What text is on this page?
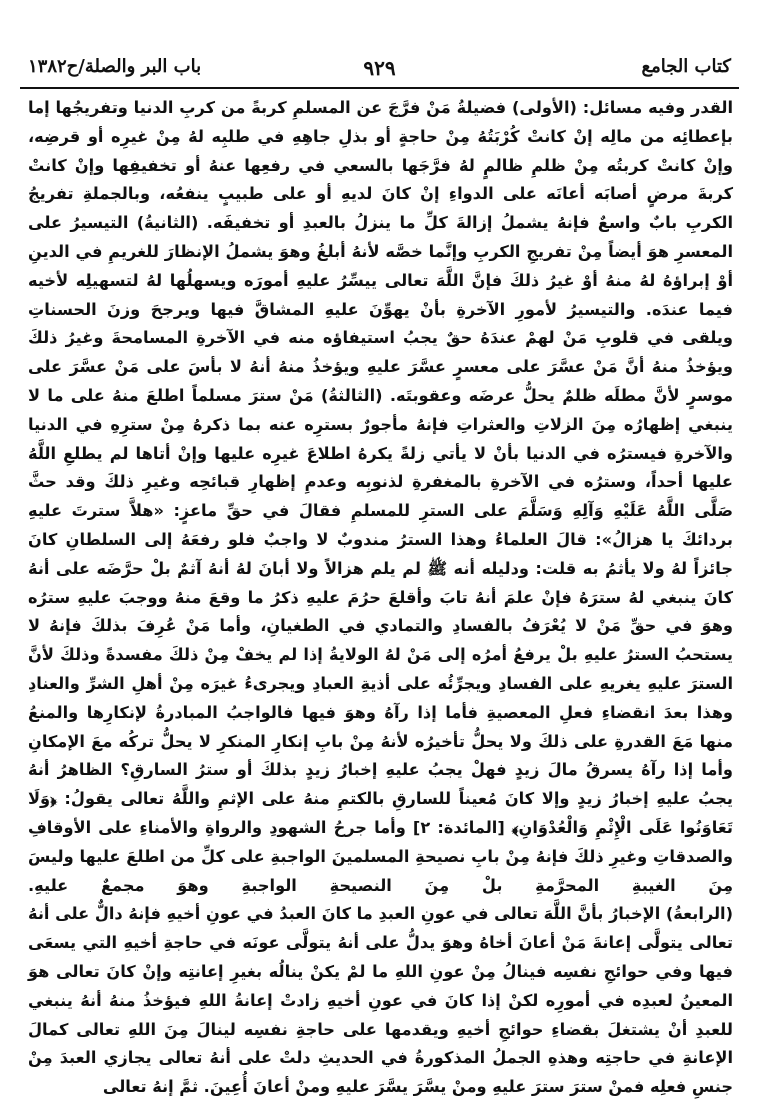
كتاب الجامع
٩٢٩
باب البر والصلة/ح١٣٨٢

القدر وفيه مسائل: (الأولى) فضيلةُ مَنْ فرَّجَ عن المسلمِ كربةً من كربِ الدنيا وتفريجُها إما بإعطائِه من مالِه إنْ كانتْ كُرْبَتُهُ مِنْ حاجةٍ أو بذلِ جاهِهِ في طلبِه لهُ مِنْ غيرِه أو قرضِه، وإنْ كانتْ كربتُه مِنْ ظلمِ ظالمٍ لهُ فرَّجَها بالسعي في رفعِها عنهُ أو تخفيفِها وإنْ كانتْ كربةَ مرضٍ أصابَه أعانَه على الدواءِ إنْ كانَ لديهِ أو على طبيبٍ ينفعُه، وبالجملةِ تفريجُ الكربِ بابٌ واسعٌ فإنهُ يشملُ إزالةَ كلِّ ما ينزلُ بالعبدِ أو تخفيفَه. (الثانيةُ) التيسيرُ على المعسرِ هوَ أيضاً مِنْ تفريجِ الكربِ وإنَّما خصَّه لأنهُ أبلغُ وهوَ يشملُ الإنظارَ للغريمِ في الدينِ أوْ إبراؤهُ لهُ منهُ أوْ غيرُ ذلكَ فإنَّ اللَّهَ تعالى ييسِّرُ عليهِ أمورَه ويسهلُها لهُ لتسهيلِه لأخيه فيما عندَه. والتيسيرُ لأمورِ الآخرةِ بأنْ يهوِّنَ عليهِ المشاقَّ فيها ويرجحَ وزنَ الحسناتِ ويلقى في قلوبِ مَنْ لهمْ عندَهُ حقٌ يجبُ استيفاؤه منه في الآخرةِ المسامحةَ وغيرُ ذلكَ ويؤخذُ منهُ أنَّ مَنْ عسَّرَ على معسرٍ عسَّرَ عليهِ ويؤخذُ منهُ أنهُ لا بأسَ على مَنْ عسَّرَ على موسرٍ لأنَّ مطلَه ظلمٌ يحلُّ عرضَه وعقوبتَه. (الثالثةُ) مَنْ سترَ مسلماً اطلعَ منهُ على ما لا ينبغي إظهارُه مِنَ الزلاتِ والعثراتِ فإنهُ مأجورٌ بسترِه عنه بما ذكرهُ مِنْ سترِهِ في الدنيا والآخرةِ فيسترُه في الدنيا بأنْ لا يأتي زلةً يكرهُ اطلاعَ غيرِه عليها وإنْ أتاها لم يطلعِ اللَّهُ عليها أحداً، وسترُه في الآخرةِ بالمغفرةِ لذنوبِه وعدمِ إظهارِ قبائحِه وغيرِ ذلكَ وقد حثَّ صَلَّى اللَّهُ عَلَيْهِ وَآلِهِ وَسَلَّمَ على السترِ للمسلمِ فقالَ في حقِّ ماعزٍ: «هلاَّ سترتَ عليهِ بردائكَ يا هزالُ»: قالَ العلماءُ وهذا السترُ مندوبٌ لا واجبٌ فلو رفعَهُ إلى السلطانِ كانَ جائزاً لهُ ولا يأثمُ به قلت: ودليله أنه ﷺ لم يلم هزالاً ولا أبانَ لهُ أنهُ آثمٌ بلْ حرَّضَه على أنهُ كانَ ينبغي لهُ سترَهُ فإنْ علمَ أنهُ تابَ وأقلعَ حرُمَ عليهِ ذكرُ ما وقعَ منهُ ووجبَ عليهِ سترُه وهوَ في حقِّ مَنْ لا يُعْرَفُ بالفسادِ والتمادي في الطغيانِ، وأما مَنْ عُرِفَ بذلكَ فإنهُ لا يستحبُ السترُ عليهِ بلْ يرفعُ أمرُه إلى مَنْ لهُ الولايةُ إذا لم يخفْ مِنْ ذلكَ مفسدةً وذلكَ لأنَّ السترَ عليهِ يغريهِ على الفسادِ ويجرِّئُه على أذيةِ العبادِ ويجرىءُ غيرَه مِنْ أهلِ الشرِّ والعنادِ وهذا بعدَ انقضاءِ فعلِ المعصيةِ فأما إذا رآهُ وهوَ فيها فالواجبُ المبادرةُ لإنكارِها والمنعُ منها مَعَ القدرةِ على ذلكَ ولا يحلُّ تأخيرُه لأنهُ مِنْ بابِ إنكارِ المنكرِ لا يحلُّ تركُه معَ الإمكانِ وأما إذا رآهُ يسرقُ مالَ زيدٍ فهلْ يجبُ عليهِ إخبارُ زيدٍ بذلكَ أو سترُ السارقِ؟ الظاهرُ أنهُ يجبُ عليهِ إخبارُ زيدٍ وإلا كانَ مُعيناً للسارقِ بالكتمِ منهُ على الإثمِ واللَّهُ تعالى يقولُ: ﴿وَلَا تَعَاوَنُوا عَلَى الْإِثْمِ وَالْعُدْوَانِ﴾ [المائدة: ٢] وأما جرحُ الشهودِ والرواةِ والأمناءِ على الأوقافِ والصدقاتِ وغيرِ ذلكَ فإنهُ مِنْ بابِ نصيحةِ المسلمينَ الواجبةِ على كلِّ من اطلعَ عليها وليسَ مِنَ الغيبةِ المحرَّمةِ بلْ مِنَ النصيحةِ الواجبةِ وهوَ مجمعٌ عليهِ.

(الرابعةُ) الإخبارُ بأنَّ اللَّهَ تعالى في عونِ العبدِ ما كانَ العبدُ في عونِ أخيهِ فإنهُ دالٌّ على أنهُ تعالى يتولَّى إعانةَ مَنْ أعانَ أخاهُ وهوَ يدلُّ على أنهُ يتولَّى عونَه في حاجةِ أخيهِ التي يسعَى فيها وفي حوائجِ نفسِه فينالُ مِنْ عونِ اللهِ ما لمْ يكنْ ينالُه بغيرِ إعانتِه وإنْ كانَ تعالى هوَ المعينُ لعبدِه في أمورِه لكنْ إذا كانَ في عونِ أخيهِ زادتْ إعانةُ اللهِ فيؤخذُ منهُ أنهُ ينبغي للعبدِ أنْ يشتغلَ بقضاءِ حوائجِ أخيهِ ويقدمها على حاجةِ نفسِه لينالَ مِنَ اللهِ تعالى كمالَ الإعانةِ في حاجتِه وهذهِ الجملُ المذكورةُ في الحديثِ دلتْ على أنهُ تعالى يجازي العبدَ مِنْ جنسِ فعلِه فمنْ سترَ سترَ عليهِ ومنْ يسَّرَ يسَّرَ عليهِ ومنْ أعانَ أُعِينَ. ثمَّ إنهُ تعالى
